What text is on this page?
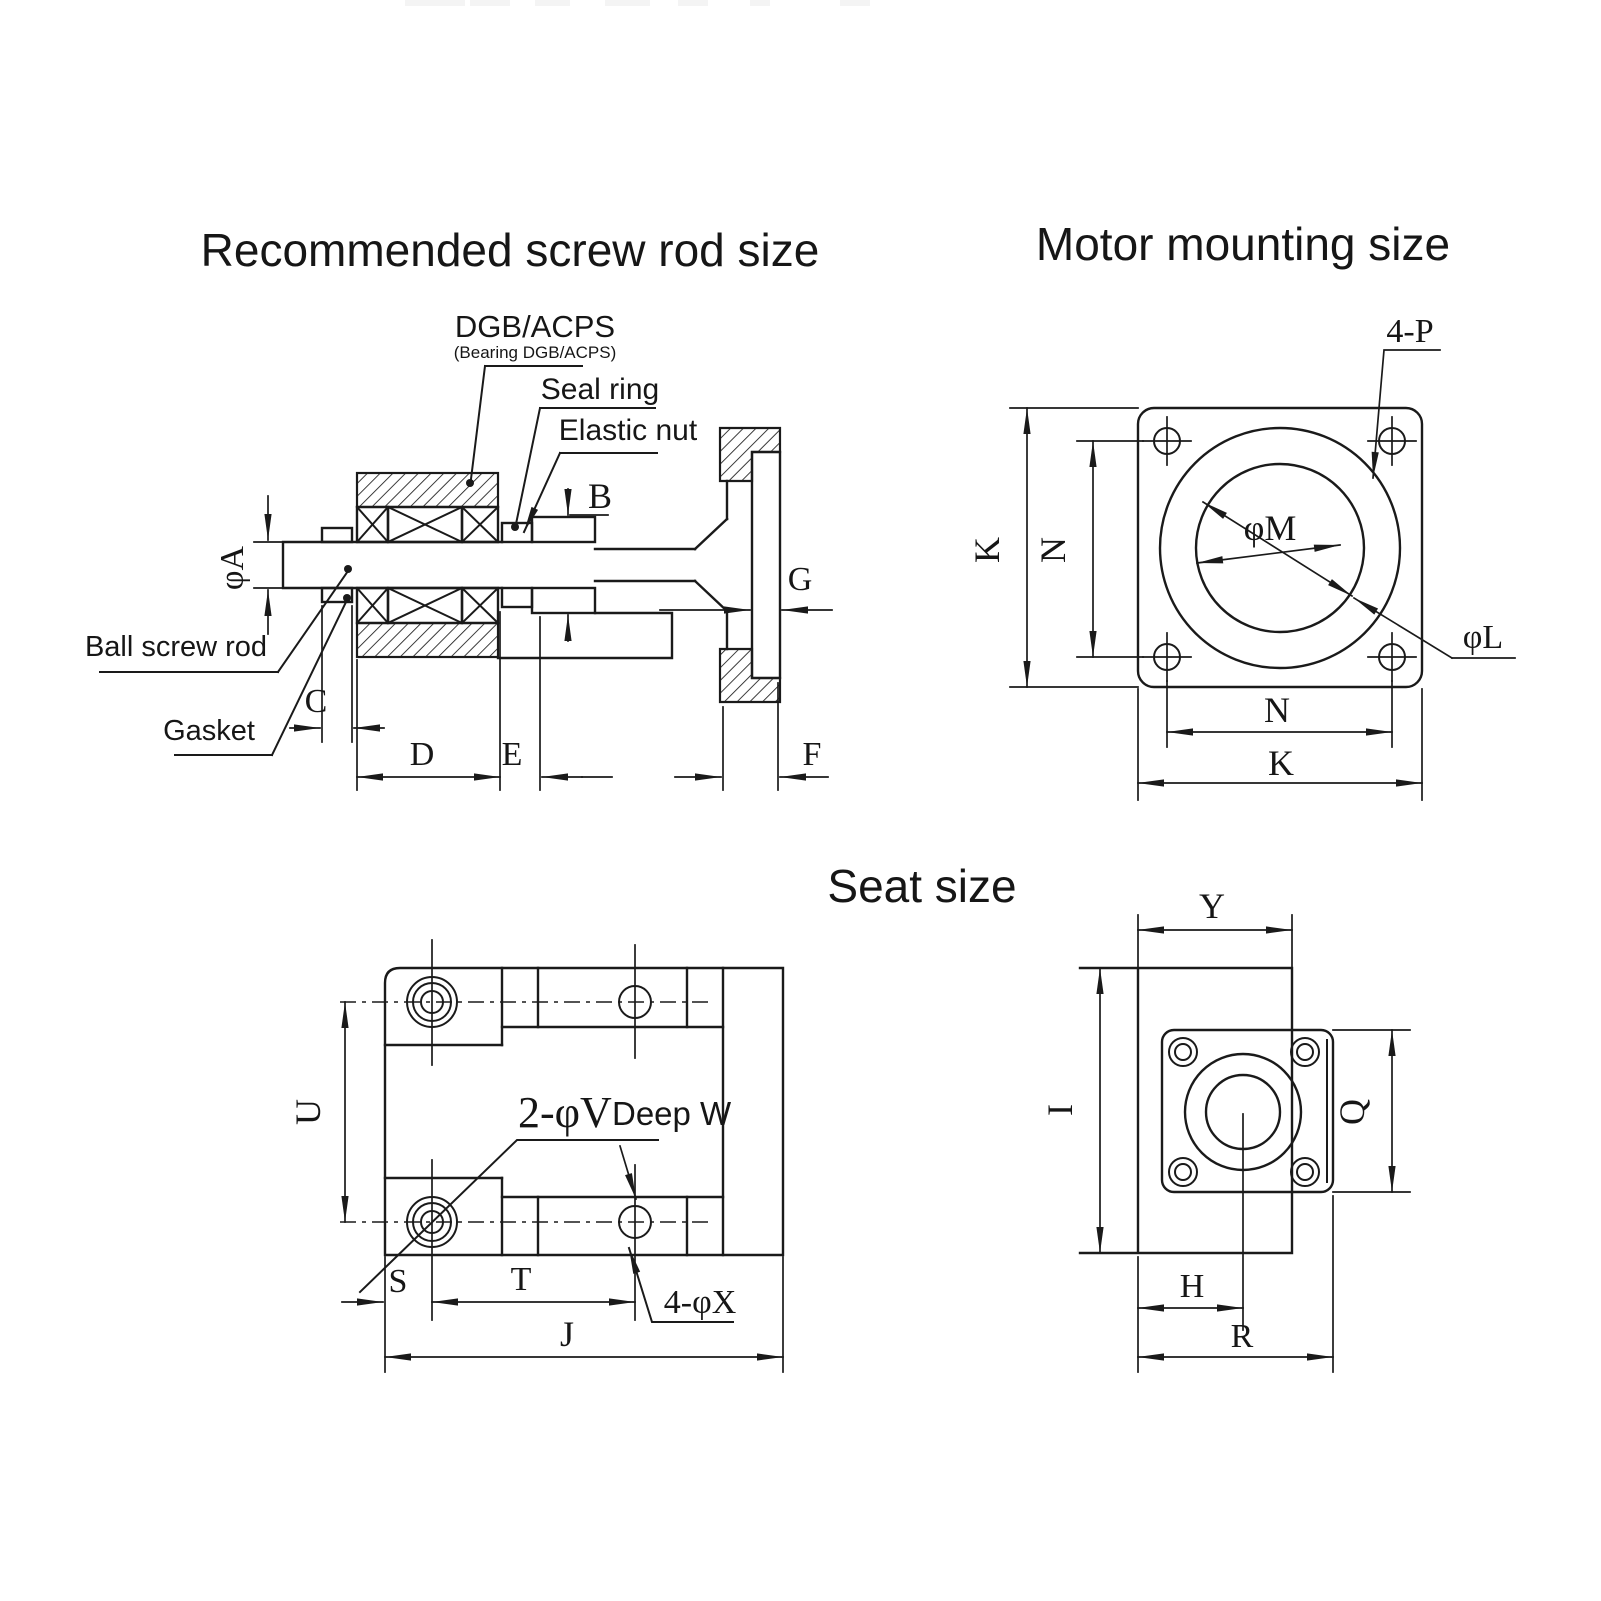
Recommended screw rod size	Motor mounting size
Seat size
DGB/ACPS
(Bearing DGB/ACPS)
Seal ring
Elastic nut
Ball screw rod
Gasket
φA
B
C
D E	F
G
φM
φL
4-P
K N
N
K
U	2-φV Deep W
S	T
4-φX
J
Y
I	Q
H
R
